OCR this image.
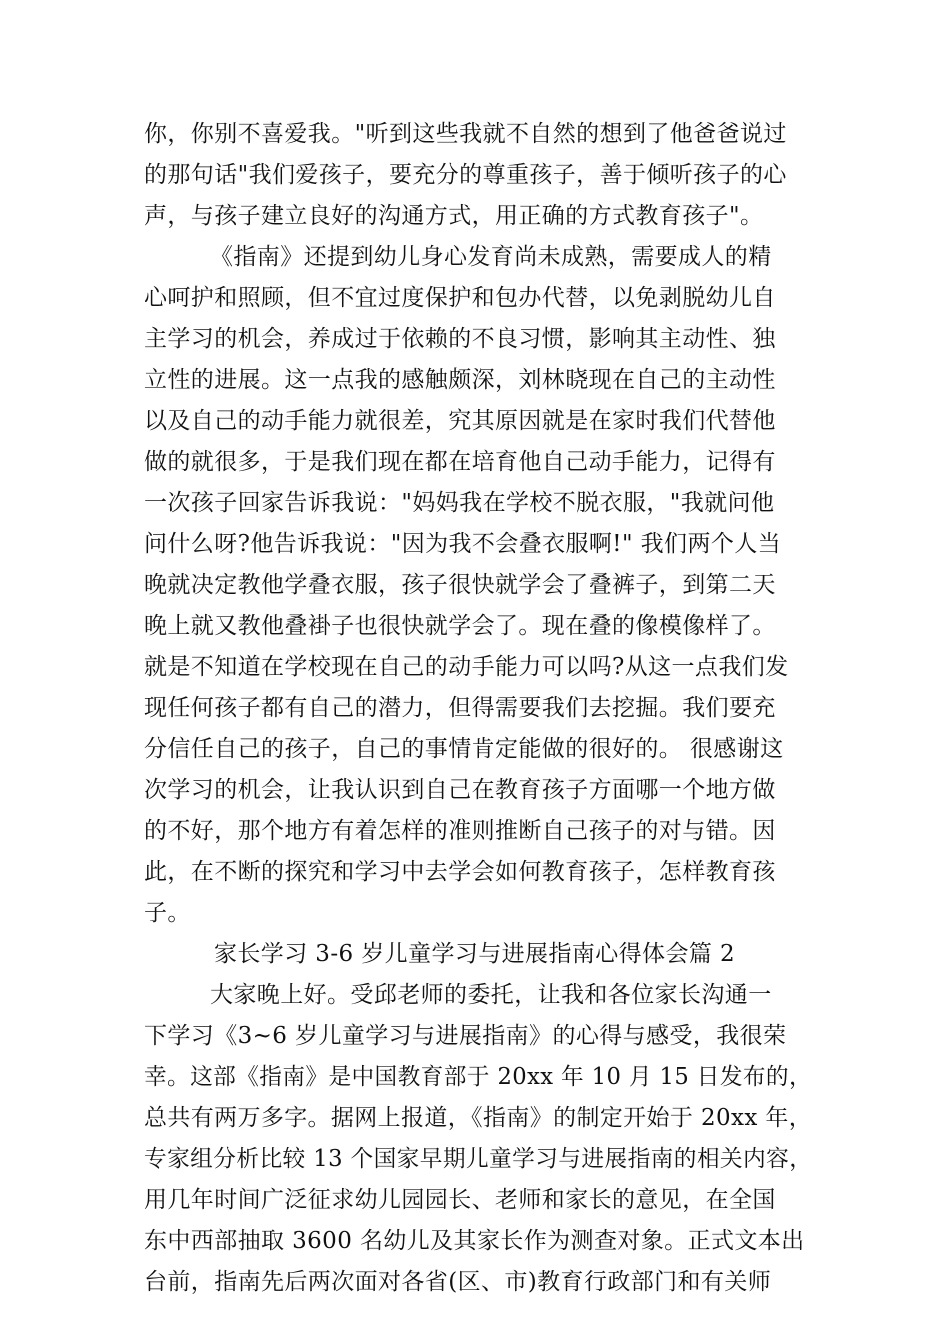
你，你别不喜爱我。"听到这些我就不自然的想到了他爸爸说过
的那句话"我们爱孩子，要充分的尊重孩子，善于倾听孩子的心
声，与孩子建立良好的沟通方式，用正确的方式教育孩子"。
《指南》还提到幼儿身心发育尚未成熟，需要成人的精
心呵护和照顾，但不宜过度保护和包办代替，以免剥脱幼儿自
主学习的机会，养成过于依赖的不良习惯，影响其主动性、独
立性的进展。这一点我的感触颇深，刘林晓现在自己的主动性
以及自己的动手能力就很差，究其原因就是在家时我们代替他
做的就很多，于是我们现在都在培育他自己动手能力，记得有
一次孩子回家告诉我说："妈妈我在学校不脱衣服，"我就问他
问什么呀?他告诉我说："因为我不会叠衣服啊!" 我们两个人当
晚就决定教他学叠衣服，孩子很快就学会了叠裤子，到第二天
晚上就又教他叠褂子也很快就学会了。现在叠的像模像样了。
就是不知道在学校现在自己的动手能力可以吗?从这一点我们发
现任何孩子都有自己的潜力，但得需要我们去挖掘。我们要充
分信任自己的孩子，自己的事情肯定能做的很好的。 很感谢这
次学习的机会，让我认识到自己在教育孩子方面哪一个地方做
的不好，那个地方有着怎样的准则推断自己孩子的对与错。因
此，在不断的探究和学习中去学会如何教育孩子，怎样教育孩
子。
家长学习 3-6 岁儿童学习与进展指南心得体会篇 2
大家晚上好。受邱老师的委托，让我和各位家长沟通一
下学习《3~6 岁儿童学习与进展指南》的心得与感受，我很荣
幸。这部《指南》是中国教育部于 20xx 年 10 月 15 日发布的，
总共有两万多字。据网上报道，《指南》的制定开始于 20xx 年，
专家组分析比较 13 个国家早期儿童学习与进展指南的相关内容，
用几年时间广泛征求幼儿园园长、老师和家长的意见，在全国
东中西部抽取 3600 名幼儿及其家长作为测查对象。正式文本出
台前，指南先后两次面对各省(区、市)教育行政部门和有关师
